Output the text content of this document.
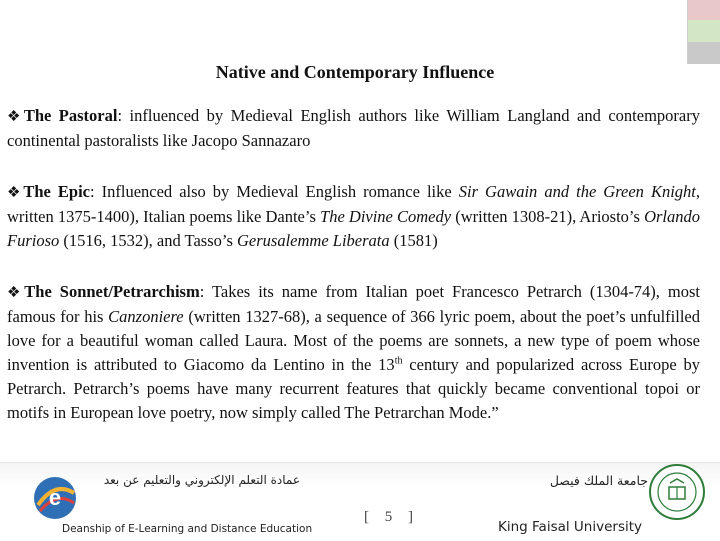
Native and Contemporary Influence

❖The Pastoral: influenced by Medieval English authors like William Langland and contemporary continental pastoralists like Jacopo Sannazaro

❖The Epic: Influenced also by Medieval English romance like Sir Gawain and the Green Knight, written 1375-1400), Italian poems like Dante’s The Divine Comedy (written 1308-21), Ariosto’s Orlando Furioso (1516, 1532), and Tasso’s Gerusalemme Liberata (1581)

❖The Sonnet/Petrarchism: Takes its name from Italian poet Francesco Petrarch (1304-74), most famous for his Canzoniere (written 1327-68), a sequence of 366 lyric poem, about the poet’s unfulfilled love for a beautiful woman called Laura. Most of the poems are sonnets, a new type of poem whose invention is attributed to Giacomo da Lentino in the 13th century and popularized across Europe by Petrarch. Petrarch’s poems have many recurrent features that quickly became conventional topoi or motifs in European love poetry, now simply called The Petrarchan Mode.”

e
عمادة التعلم الإلكتروني والتعليم عن بعد
Deanship of E-Learning and Distance Education
[ 5 ]
جامعة الملك فيصل
King Faisal University
